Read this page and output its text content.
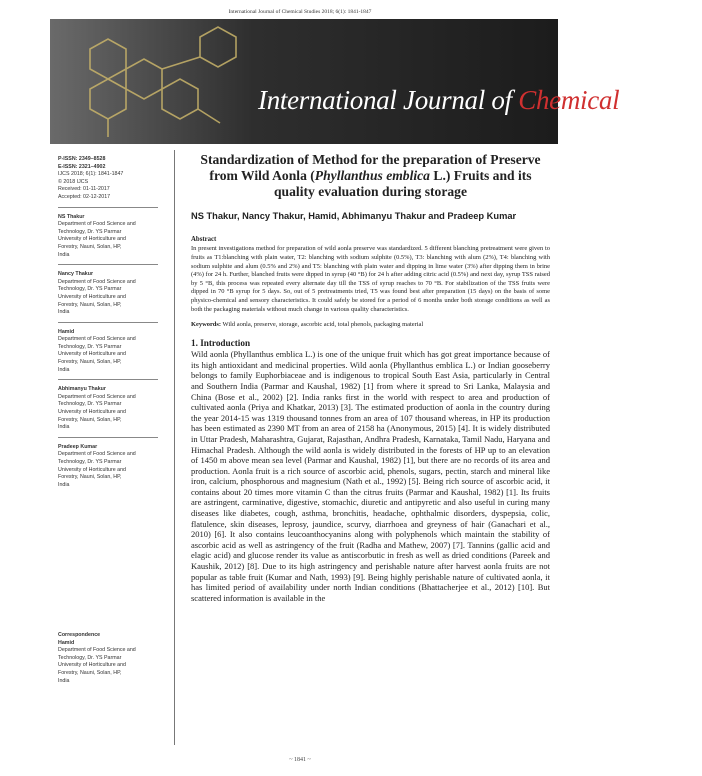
International Journal of Chemical Studies 2018; 6(1): 1841-1847
International Journal of Chemical Studies
P-ISSN: 2349–8528
E-ISSN: 2321–4902
IJCS 2018; 6(1): 1841-1847
© 2018 IJCS
Received: 01-11-2017
Accepted: 02-12-2017
NS Thakur
Department of Food Science and
Technology, Dr. YS Parmar
University of Horticulture and
Forestry, Nauni, Solan, HP,
India
Nancy Thakur
Department of Food Science and
Technology, Dr. YS Parmar
University of Horticulture and
Forestry, Nauni, Solan, HP,
India
Hamid
Department of Food Science and
Technology, Dr. YS Parmar
University of Horticulture and
Forestry, Nauni, Solan, HP,
India
Abhimanyu Thakur
Department of Food Science and
Technology, Dr. YS Parmar
University of Horticulture and
Forestry, Nauni, Solan, HP,
India
Pradeep Kumar
Department of Food Science and
Technology, Dr. YS Parmar
University of Horticulture and
Forestry, Nauni, Solan, HP,
India
Correspondence
Hamid
Department of Food Science and
Technology, Dr. YS Parmar
University of Horticulture and
Forestry, Nauni, Solan, HP,
India
Standardization of Method for the preparation of Preserve from Wild Aonla (Phyllanthus emblica L.) Fruits and its quality evaluation during storage
NS Thakur, Nancy Thakur, Hamid, Abhimanyu Thakur and Pradeep Kumar
Abstract
In present investigations method for preparation of wild aonla preserve was standardized. 5 different blanching pretreatment were given to fruits as T1:blanching with plain water, T2: blanching with sodium sulphite (0.5%), T3: blanching with alum (2%), T4: blanching with sodium sulphite and alum (0.5% and 2%) and T5: blanching with plain water and dipping in lime water (3%) after dipping them in brine (4%) for 24 h. Further, blanched fruits were dipped in syrup (40 °B) for 24 h after adding citric acid (0.5%) and next day, syrup TSS raised by 5 °B, this process was repeated every alternate day till the TSS of syrup reaches to 70 °B. For stabilization of the TSS fruits were dipped in 70 °B syrup for 5 days. So, out of 5 pretreatments tried, T5 was found best after preparation (15 days) on the basis of some physico-chemical and sensory characteristics. It could safely be stored for a period of 6 months under both storage conditions as well as both the packaging materials without much change in various quality characteristics.
Keywords: Wild aonla, preserve, storage, ascorbic acid, total phenols, packaging material
1. Introduction
Wild aonla (Phyllanthus emblica L.) is one of the unique fruit which has got great importance because of its high antioxidant and medicinal properties. Wild aonla (Phyllanthus emblica L.) or Indian gooseberry belongs to family Euphorbiaceae and is indigenous to tropical South East Asia, particularly in Central and Southern India (Parmar and Kaushal, 1982) [1] from where it spread to Sri Lanka, Malaysia and China (Bose et al., 2002) [2]. India ranks first in the world with respect to area and production of cultivated aonla (Priya and Khatkar, 2013) [3]. The estimated production of aonla in the country during the year 2014-15 was 1319 thousand tonnes from an area of 107 thousand whereas, in HP its production has been estimated as 2390 MT from an area of 2158 ha (Anonymous, 2015) [4]. It is widely distributed in Uttar Pradesh, Maharashtra, Gujarat, Rajasthan, Andhra Pradesh, Karnataka, Tamil Nadu, Haryana and Himachal Pradesh. Although the wild aonla is widely distributed in the forests of HP up to an elevation of 1450 m above mean sea level (Parmar and Kaushal, 1982) [1], but there are no records of its area and production. Aonla fruit is a rich source of ascorbic acid, phenols, sugars, pectin, starch and mineral like iron, calcium, phosphorous and magnesium (Nath et al., 1992) [5]. Being rich source of ascorbic acid, it contains about 20 times more vitamin C than the citrus fruits (Parmar and Kaushal, 1982) [1]. Its fruits are astringent, carminative, digestive, stomachic, diuretic and antipyretic and also useful in curing many diseases like diabetes, cough, asthma, bronchitis, headache, ophthalmic disorders, dyspepsia, colic, flatulence, skin diseases, leprosy, jaundice, scurvy, diarrhoea and greyness of hair (Ganachari et al., 2010) [6]. It also contains leucoanthocyanins along with polyphenols which maintain the stability of ascorbic acid as well as astringency of the fruit (Radha and Mathew, 2007) [7]. Tannins (gallic acid and elagic acid) and glucose render its value as antiscorbutic in fresh as well as dried conditions (Pareek and Kaushik, 2012) [8]. Due to its high astringency and perishable nature after harvest aonla fruits are not popular as table fruit (Kumar and Nath, 1993) [9]. Being highly perishable nature of cultivated aonla, it has limited period of availability under north Indian conditions (Bhattacherjee et al., 2012) [10]. But scattered information is available in the
~ 1841 ~
